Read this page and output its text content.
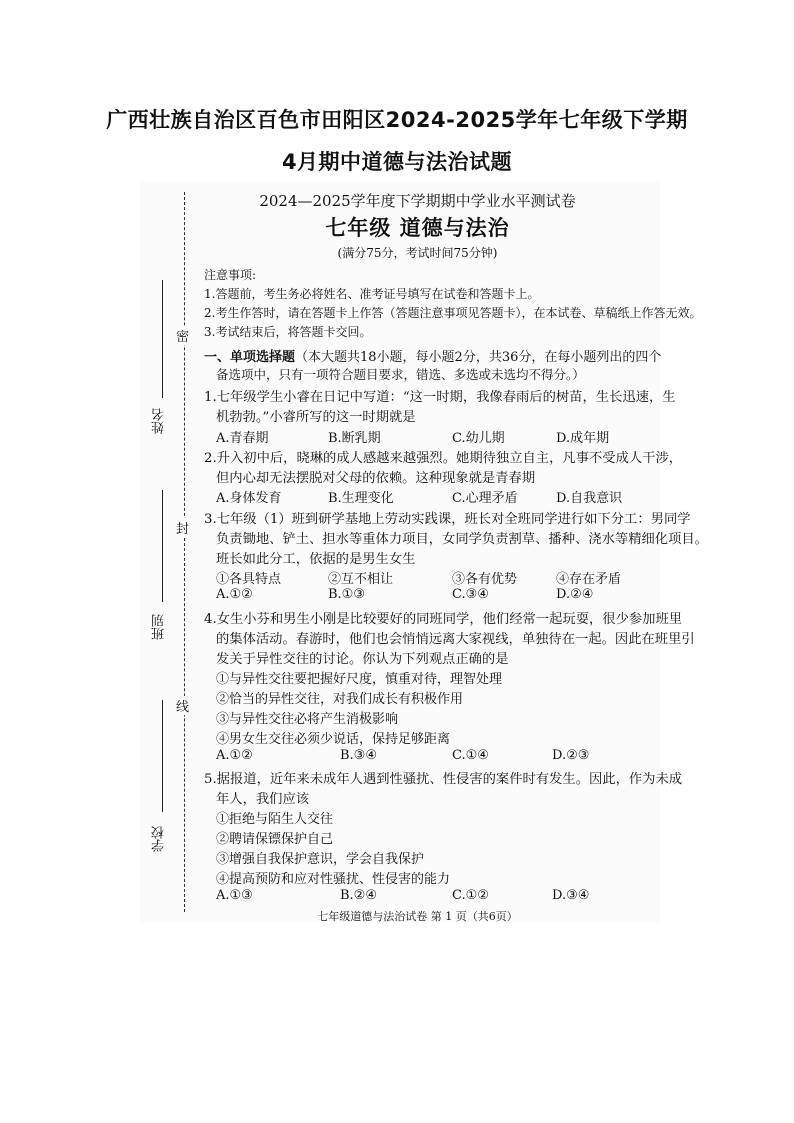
广西壮族自治区百色市田阳区2024-2025学年七年级下学期
4月期中道德与法治试题
密
封
线
姓名
班别
学校
2024—2025学年度下学期期中学业水平测试卷
七年级 道德与法治
(满分75分，考试时间75分钟)
注意事项:
1.答题前，考生务必将姓名、准考证号填写在试卷和答题卡上。
2.考生作答时，请在答题卡上作答（答题注意事项见答题卡），在本试卷、草稿纸上作答无效。
3.考试结束后，将答题卡交回。
一、单项选择题（本大题共18小题，每小题2分，共36分，在每小题列出的四个
备选项中，只有一项符合题目要求，错选、多选或未选均不得分。）
1.七年级学生小睿在日记中写道：“这一时期，我像春雨后的树苗，生长迅速，生
机勃勃。”小睿所写的这一时期就是
A.青春期	B.断乳期	C.幼儿期	D.成年期
2.升入初中后，晓琳的成人感越来越强烈。她期待独立自主，凡事不受成人干涉，
但内心却无法摆脱对父母的依赖。这种现象就是青春期
A.身体发育	B.生理变化	C.心理矛盾	D.自我意识
3.七年级（1）班到研学基地上劳动实践课，班长对全班同学进行如下分工：男同学
负责锄地、铲土、担水等重体力项目，女同学负责割草、播种、浇水等精细化项目。
班长如此分工，依据的是男生女生
①各具特点	②互不相让	③各有优势	④存在矛盾
A.①②	B.①③	C.③④	D.②④
4.女生小芬和男生小刚是比较要好的同班同学，他们经常一起玩耍，很少参加班里
的集体活动。春游时，他们也会悄悄远离大家视线，单独待在一起。因此在班里引
发关于异性交往的讨论。你认为下列观点正确的是
①与异性交往要把握好尺度，慎重对待，理智处理
②恰当的异性交往，对我们成长有积极作用
③与异性交往必将产生消极影响
④男女生交往必须少说话，保持足够距离
A.①②	B.③④	C.①④	D.②③
5.据报道，近年来未成年人遇到性骚扰、性侵害的案件时有发生。因此，作为未成
年人，我们应该
①拒绝与陌生人交往
②聘请保镖保护自己
③增强自我保护意识，学会自我保护
④提高预防和应对性骚扰、性侵害的能力
A.①③	B.②④	C.①②	D.③④
七年级道德与法治试卷 第 1 页（共6页）
